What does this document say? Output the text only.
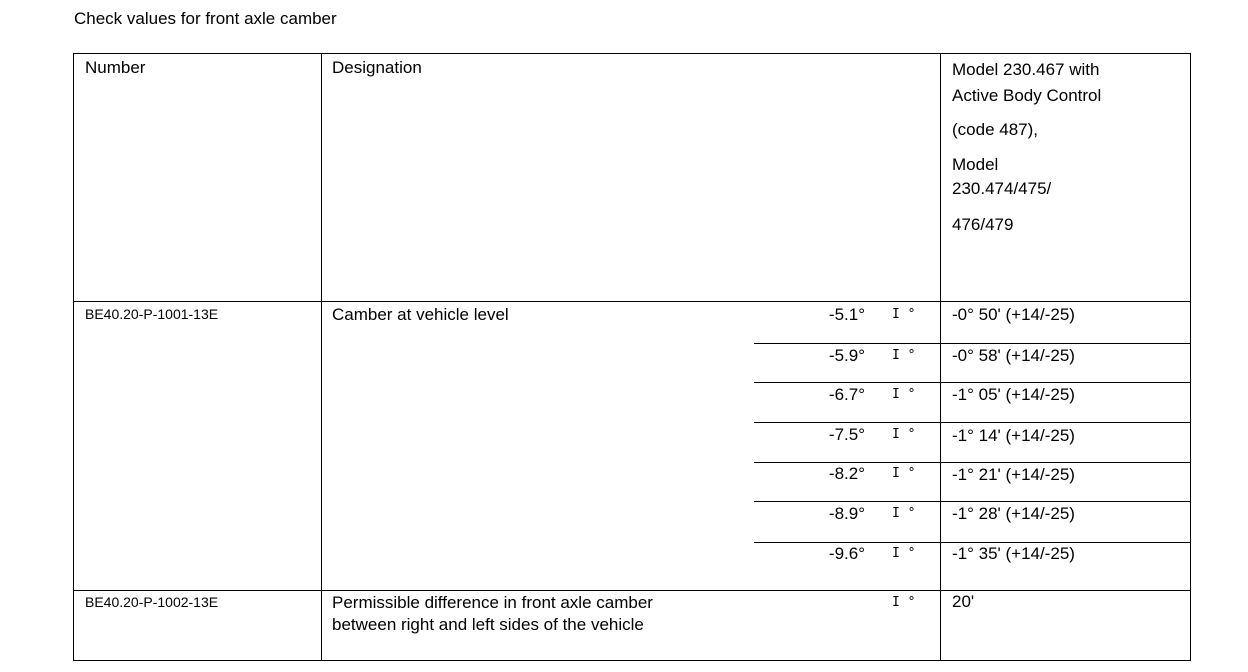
Check values for front axle camber
Number	Designation	Model 230.467 with
Active Body Control
(code 487),
Model
230.474/475/
476/479
BE40.20-P-1001-13E	Camber at vehicle level	-5.1° I ° -0° 50' (+14/-25)
-5.9° I ° -0° 58' (+14/-25)
-6.7° I ° -1° 05' (+14/-25)
-7.5° I ° -1° 14' (+14/-25)
-8.2° I ° -1° 21' (+14/-25)
-8.9° I ° -1° 28' (+14/-25)
-9.6° I ° -1° 35' (+14/-25)
BE40.20-P-1002-13E	Permissible difference in front axle camber
between right and left sides of the vehicle
I ° 20'
